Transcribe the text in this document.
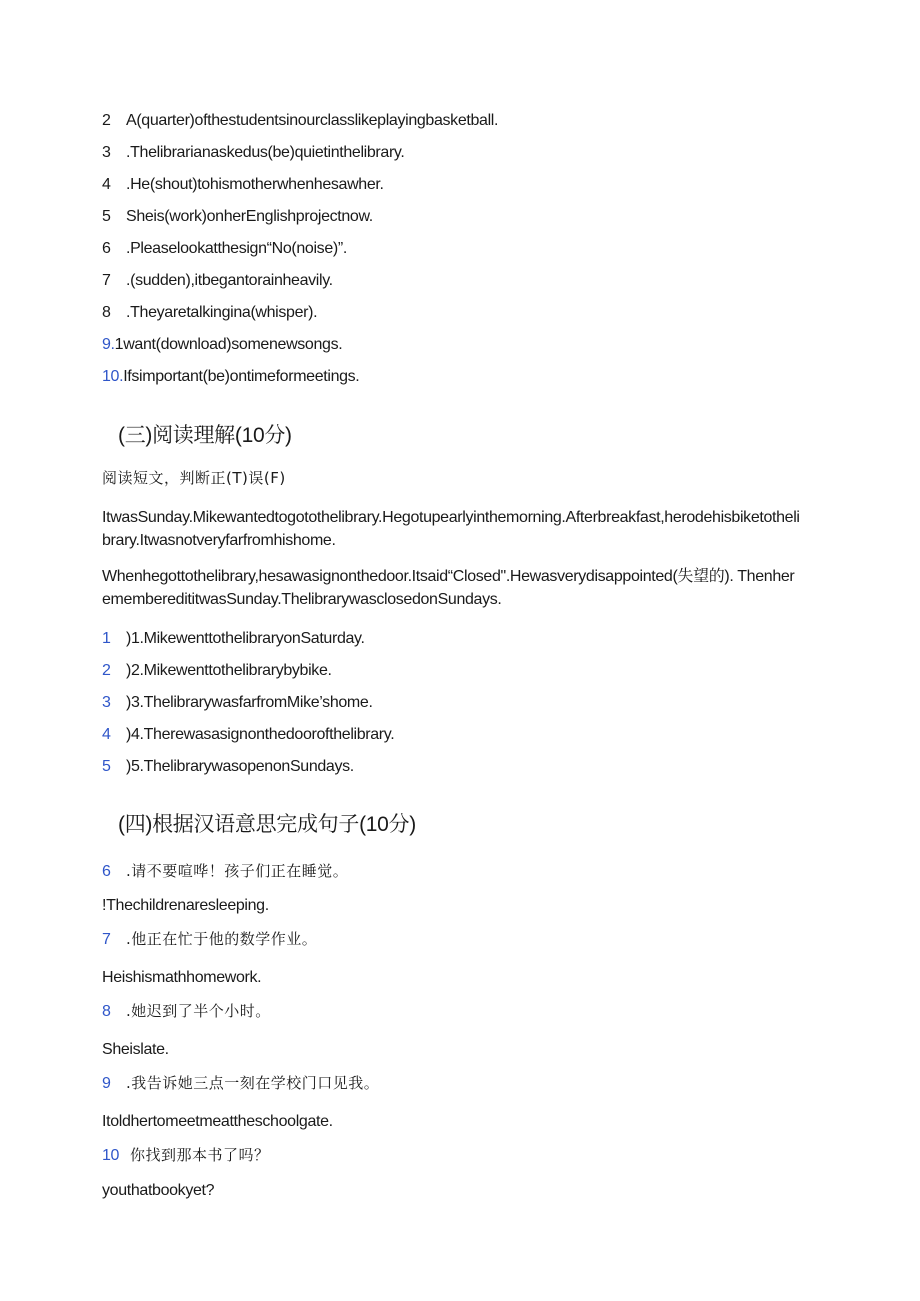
2 A(quarter)ofthestudentsinourclasslikeplayingbasketball.
3 .Thelibrarianaskedus(be)quietinthelibrary.
4 .He(shout)tohismotherwhenhesawher.
5 Sheis(work)onherEnglishprojectnow.
6 .Pleaselookatthesign“No(noise)”.
7 .(sudden),itbegantorainheavily.
8 .Theyaretalkingina(whisper).
9.1want(download)somenewsongs.
10.Ifsimportant(be)ontimeformeetings.
(三)阅读理解(10分)
阅读短文，判断正(T)误(F)
ItwasSunday.Mikewantedtogotothelibrary.Hegotupearlyinthemorning.Afterbreakfast,herodehisbiketothelibrary.Itwasnotveryfarfromhishome.
Whenhegottothelibrary,hesawasignonthedoor.Itsaid“Closed".Hewasverydisappointed(失望的). ThenherememberedititwasSunday.ThelibrarywasclosedonSundays.
1 )1.MikewenttothelibraryonSaturday.
2 )2.Mikewenttothelibrarybybike.
3 )3.ThelibrarywasfarfromMike’shome.
4 )4.Therewasasignonthedoorofthelibrary.
5 )5.ThelibrarywasopenonSundays.
(四)根据汉语意思完成句子(10分)
6 .请不要喧哗！孩子们正在睡觉。
!Thechildrenaresleeping.
7 .他正在忙于他的数学作业。
Heishismathhomework.
8 .她迟到了半个小时。
Sheislate.
9 .我告诉她三点一刻在学校门口见我。
Itoldhertomeetmeattheschoolgate.
10 你找到那本书了吗？
youthatbookyet?
